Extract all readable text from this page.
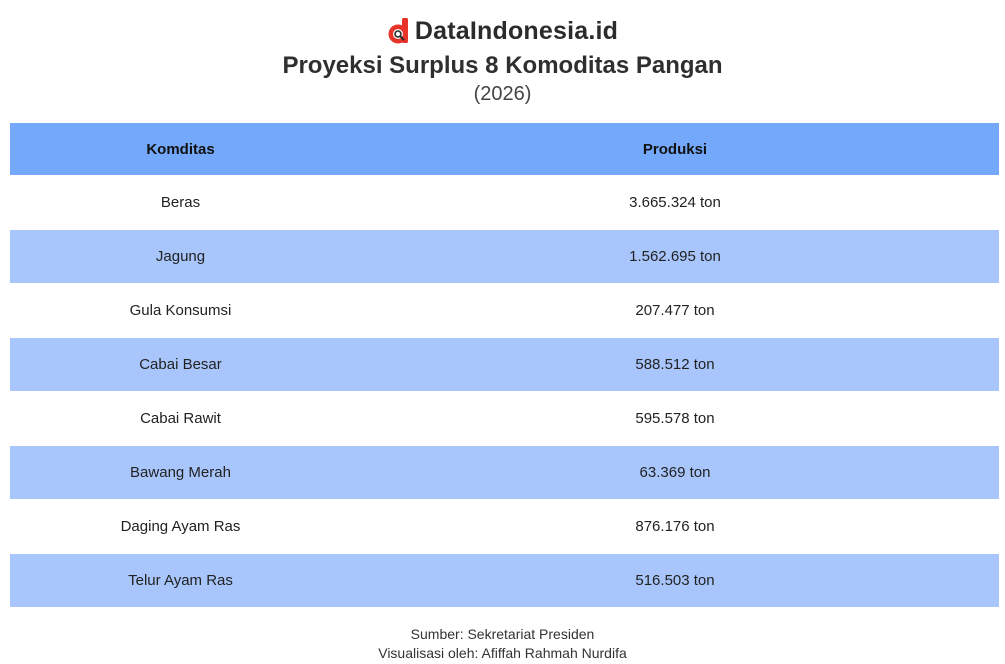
DataIndonesia.id
Proyeksi Surplus 8 Komoditas Pangan
(2026)
Komditas	Produksi
Beras	3.665.324 ton
Jagung	1.562.695 ton
Gula Konsumsi	207.477 ton
Cabai Besar	588.512 ton
Cabai Rawit	595.578 ton
Bawang Merah	63.369 ton
Daging Ayam Ras	876.176 ton
Telur Ayam Ras	516.503 ton
Sumber: Sekretariat Presiden
Visualisasi oleh: Afiffah Rahmah Nurdifa
